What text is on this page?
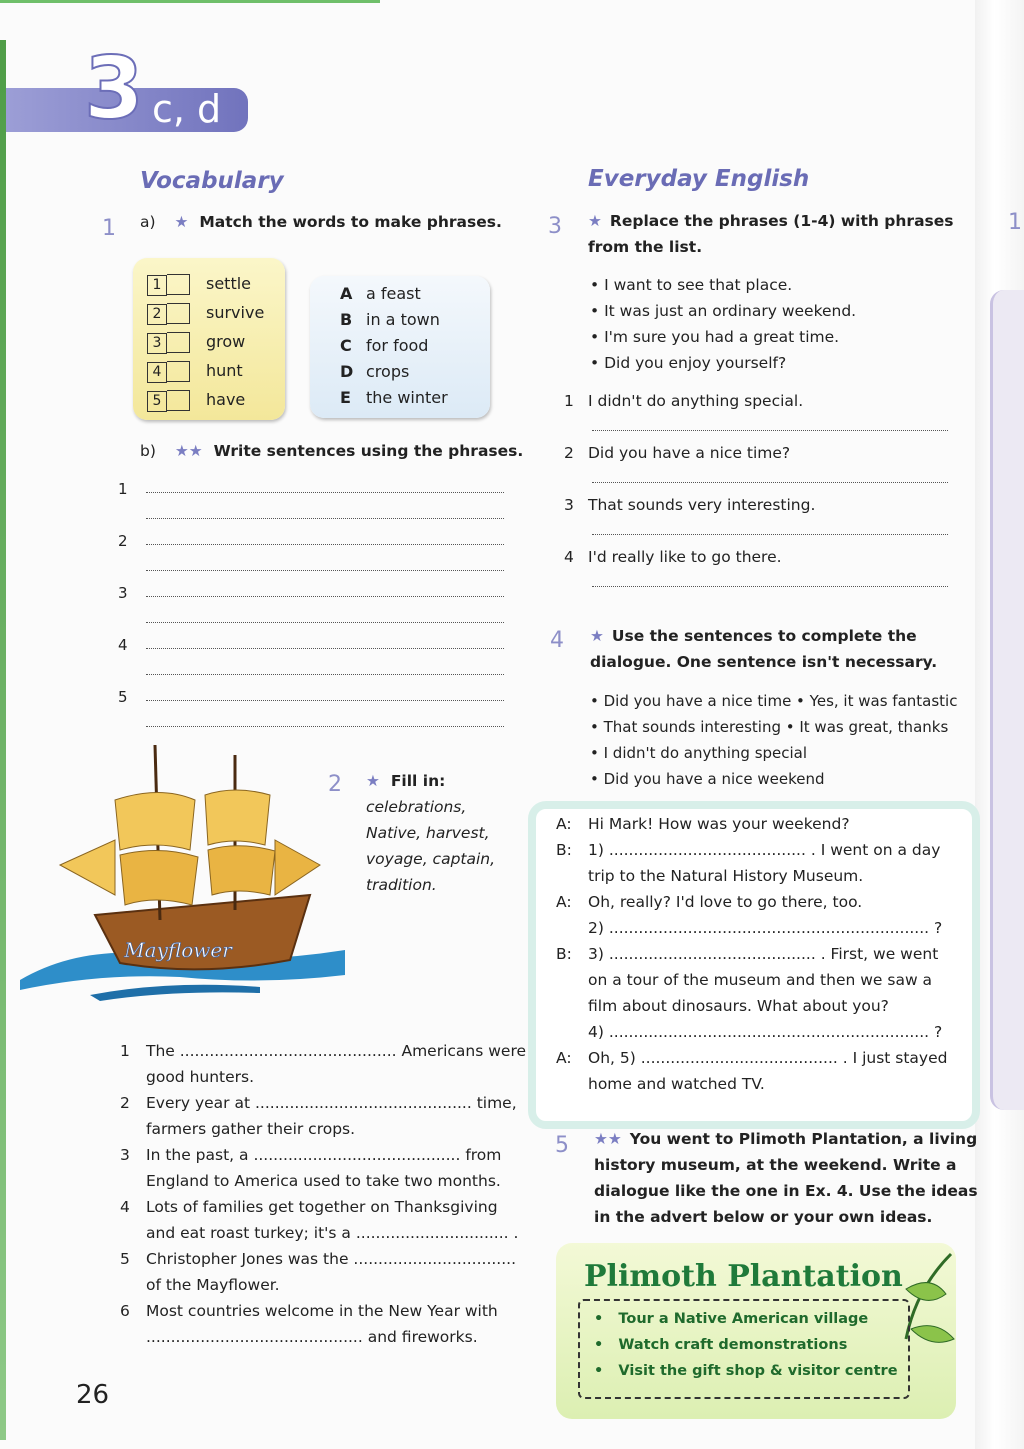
1
3 c, d
Vocabulary
1 a) ★ Match the words to make phrases.
1	settle
2	survive
3	grow
4	hunt
5	have
A a feast
B in a town
C for food
D crops
E the winter
b) ★★ Write sentences using the phrases.
1
2
3
4
5
Mayflower
2 ★ Fill in:
celebrations,
Native, harvest,
voyage, captain,
tradition.
1 The ............................................ Americans were
good hunters.
2 Every year at ............................................ time,
farmers gather their crops.
3 In the past, a .......................................... from
England to America used to take two months.
4 Lots of families get together on Thanksgiving
and eat roast turkey; it's a ............................... .
5 Christopher Jones was the .................................
of the Mayflower.
6 Most countries welcome in the New Year with
............................................ and fireworks.
26
Everyday English
3 ★ Replace the phrases (1-4) with phrases
from the list.
• I want to see that place.
• It was just an ordinary weekend.
• I'm sure you had a great time.
• Did you enjoy yourself?
1 I didn't do anything special.
2 Did you have a nice time?
3 That sounds very interesting.
4 I'd really like to go there.
4 ★ Use the sentences to complete the
dialogue. One sentence isn't necessary.
• Did you have a nice time • Yes, it was fantastic
• That sounds interesting • It was great, thanks
• I didn't do anything special
• Did you have a nice weekend
A: Hi Mark! How was your weekend?
B: 1) ........................................ . I went on a day
trip to the Natural History Museum.
A: Oh, really? I'd love to go there, too.
2) ................................................................. ?
B: 3) .......................................... . First, we went
on a tour of the museum and then we saw a
film about dinosaurs. What about you?
4) ................................................................. ?
A: Oh, 5) ........................................ . I just stayed
home and watched TV.
5 ★★ You went to Plimoth Plantation, a living
history museum, at the weekend. Write a
dialogue like the one in Ex. 4. Use the ideas
in the advert below or your own ideas.
Plimoth Plantation
•   Tour a Native American village
•   Watch craft demonstrations
•   Visit the gift shop & visitor centre
